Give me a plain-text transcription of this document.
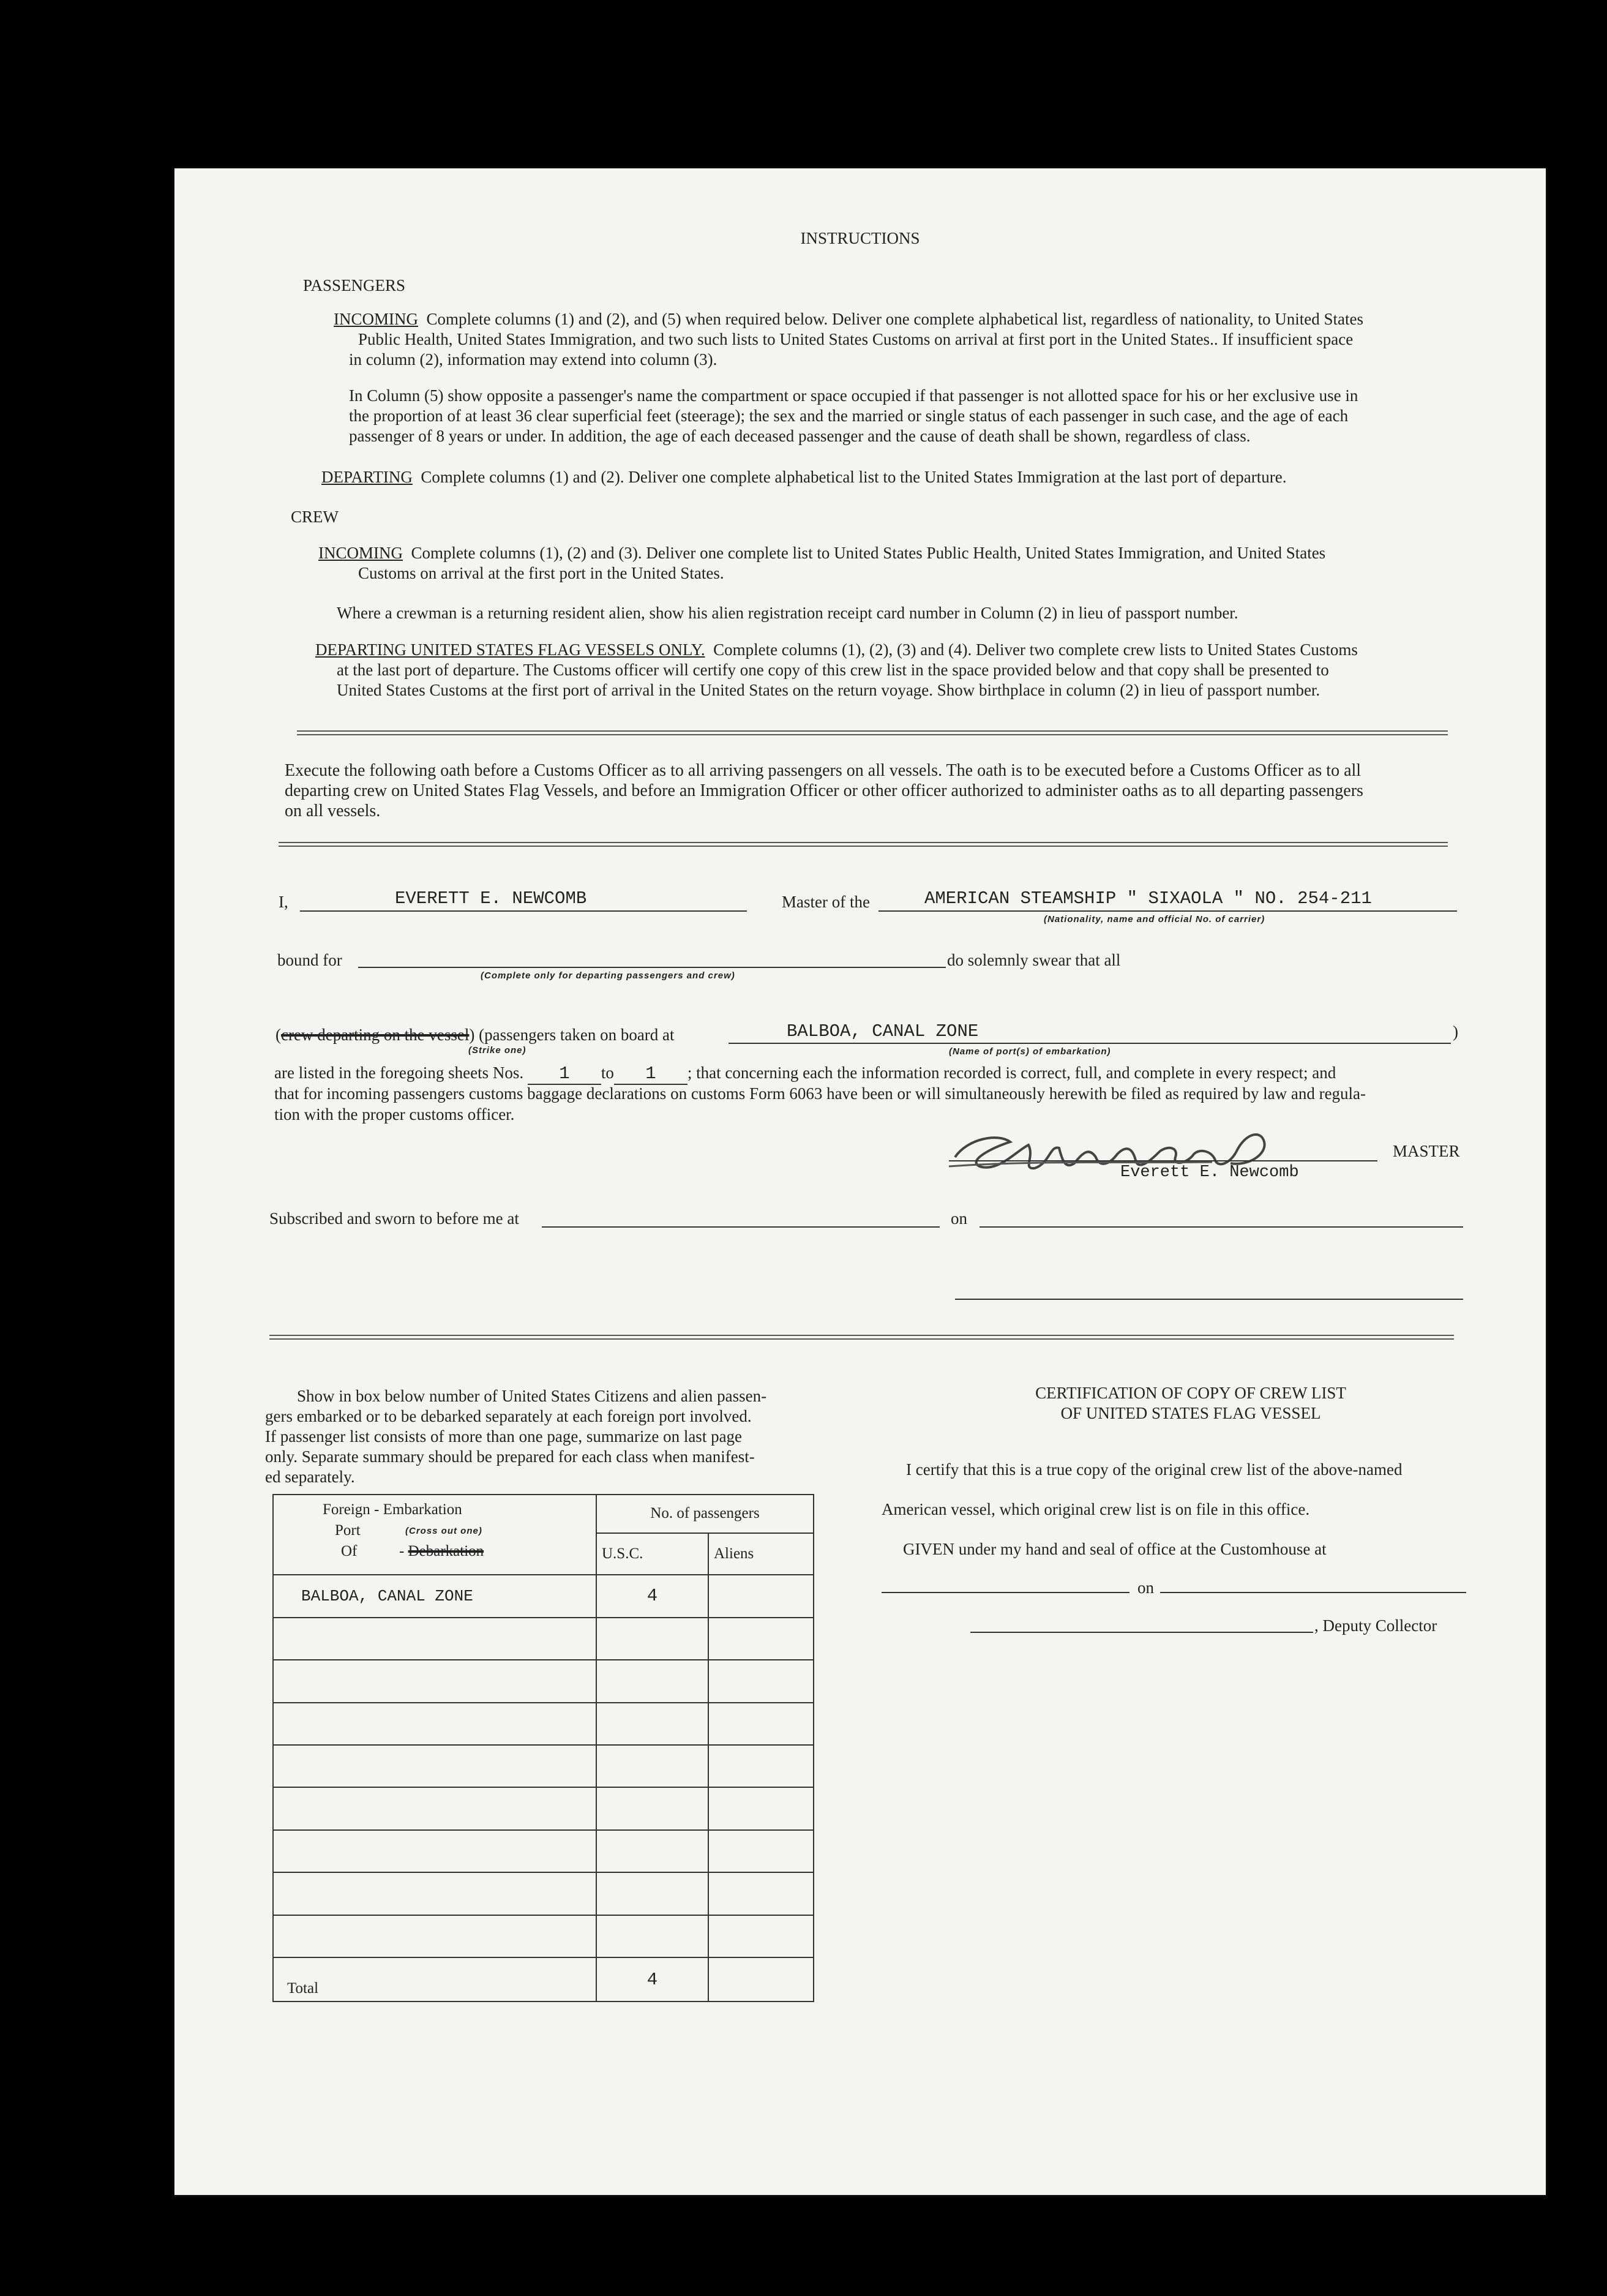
INSTRUCTIONS
PASSENGERS
INCOMING Complete columns (1) and (2), and (5) when required below. Deliver one complete alphabetical list, regardless of nationality, to United States
Public Health, United States Immigration, and two such lists to United States Customs on arrival at first port in the United States.. If insufficient space
in column (2), information may extend into column (3).
In Column (5) show opposite a passenger's name the compartment or space occupied if that passenger is not allotted space for his or her exclusive use in
the proportion of at least 36 clear superficial feet (steerage); the sex and the married or single status of each passenger in such case, and the age of each
passenger of 8 years or under. In addition, the age of each deceased passenger and the cause of death shall be shown, regardless of class.
DEPARTING Complete columns (1) and (2). Deliver one complete alphabetical list to the United States Immigration at the last port of departure.
CREW
INCOMING Complete columns (1), (2) and (3). Deliver one complete list to United States Public Health, United States Immigration, and United States
Customs on arrival at the first port in the United States.
Where a crewman is a returning resident alien, show his alien registration receipt card number in Column (2) in lieu of passport number.
DEPARTING UNITED STATES FLAG VESSELS ONLY. Complete columns (1), (2), (3) and (4). Deliver two complete crew lists to United States Customs
at the last port of departure. The Customs officer will certify one copy of this crew list in the space provided below and that copy shall be presented to
United States Customs at the first port of arrival in the United States on the return voyage. Show birthplace in column (2) in lieu of passport number.
Execute the following oath before a Customs Officer as to all arriving passengers on all vessels. The oath is to be executed before a Customs Officer as to all
departing crew on United States Flag Vessels, and before an Immigration Officer or other officer authorized to administer oaths as to all departing passengers
on all vessels.
I,	EVERETT E. NEWCOMB	Master of the	AMERICAN STEAMSHIP " SIXAOLA " NO. 254-211
(Nationality, name and official No. of carrier)
bound for
(Complete only for departing passengers and crew)
do solemnly swear that all
(crew departing on the vessel) (passengers taken on board at
(Strike one)
BALBOA, CANAL ZONE	)
(Name of port(s) of embarkation)
are listed in the foregoing sheets Nos. 1 to 1 ; that concerning each the information recorded is correct, full, and complete in every respect; and
that for incoming passengers customs baggage declarations on customs Form 6063 have been or will simultaneously herewith be filed as required by law and regula-
tion with the proper customs officer.
MASTER
Everett E. Newcomb
Subscribed and sworn to before me at	on
Show in box below number of United States Citizens and alien passen-
gers embarked or to be debarked separately at each foreign port involved.
If passenger list consists of more than one page, summarize on last page
only. Separate summary should be prepared for each class when manifest-
ed separately.
Foreign - Embarkation
Port (Cross out one)
Of - Debarkation	No. of passengers	
	U.S.C.	Aliens
BALBOA, CANAL ZONE	4	

Total	4	
CERTIFICATION OF COPY OF CREW LIST
OF UNITED STATES FLAG VESSEL
I certify that this is a true copy of the original crew list of the above-named
American vessel, which original crew list is on file in this office.
GIVEN under my hand and seal of office at the Customhouse at
on
, Deputy Collector
